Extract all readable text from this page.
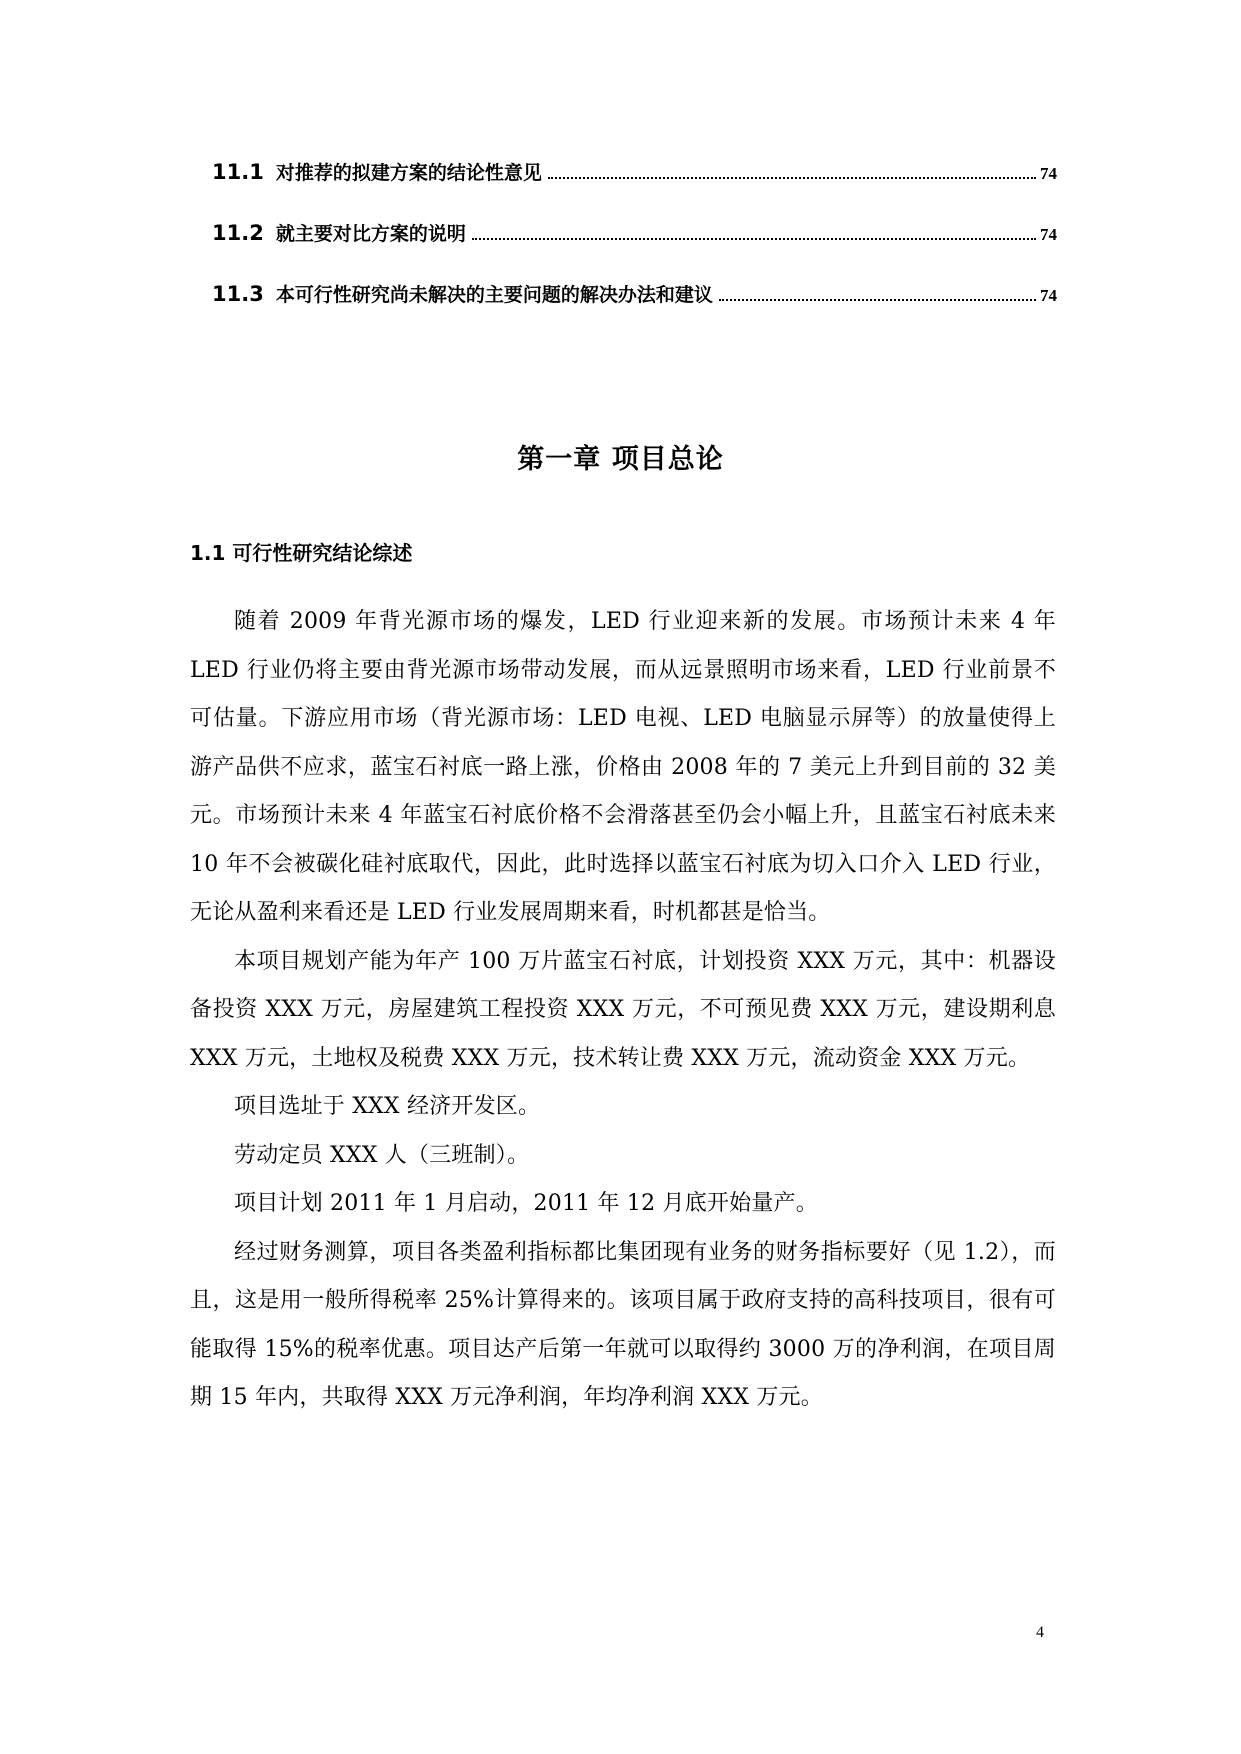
11.1 对推荐的拟建方案的结论性意见	74
11.2 就主要对比方案的说明	74
11.3 本可行性研究尚未解决的主要问题的解决办法和建议	74
第一章 项目总论
1.1 可行性研究结论综述

随着 2009 年背光源市场的爆发，LED 行业迎来新的发展。市场预计未来 4 年 LED 行业仍将主要由背光源市场带动发展，而从远景照明市场来看，LED 行业前景不可估量。下游应用市场（背光源市场：LED 电视、LED 电脑显示屏等）的放量使得上游产品供不应求，蓝宝石衬底一路上涨，价格由 2008 年的 7 美元上升到目前的 32 美元。市场预计未来 4 年蓝宝石衬底价格不会滑落甚至仍会小幅上升，且蓝宝石衬底未来 10 年不会被碳化硅衬底取代，因此，此时选择以蓝宝石衬底为切入口介入 LED 行业，无论从盈利来看还是 LED 行业发展周期来看，时机都甚是恰当。

本项目规划产能为年产 100 万片蓝宝石衬底，计划投资 XXX 万元，其中：机器设备投资 XXX 万元，房屋建筑工程投资 XXX 万元，不可预见费 XXX 万元，建设期利息 XXX 万元，土地权及税费 XXX 万元，技术转让费 XXX 万元，流动资金 XXX 万元。

项目选址于 XXX 经济开发区。

劳动定员 XXX 人（三班制）。

项目计划 2011 年 1 月启动，2011 年 12 月底开始量产。

经过财务测算，项目各类盈利指标都比集团现有业务的财务指标要好（见 1.2），而且，这是用一般所得税率 25%计算得来的。该项目属于政府支持的高科技项目，很有可能取得 15%的税率优惠。项目达产后第一年就可以取得约 3000 万的净利润，在项目周期 15 年内，共取得 XXX 万元净利润，年均净利润 XXX 万元。

4
